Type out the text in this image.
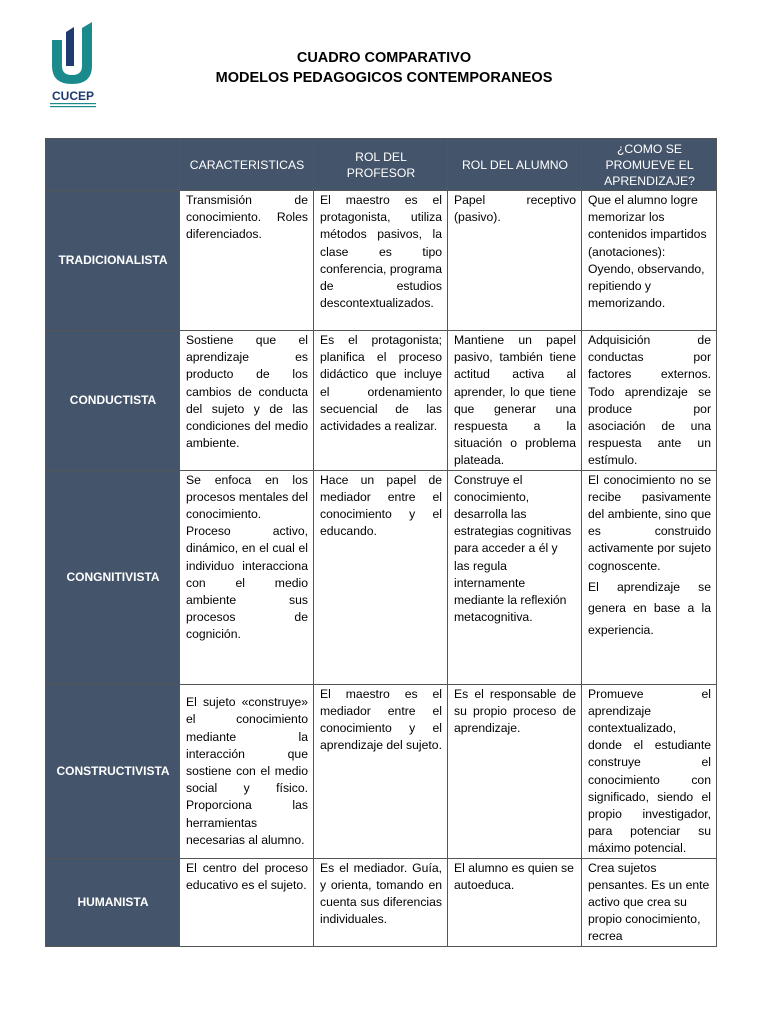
CUCEP
CUADRO COMPARATIVO
MODELOS PEDAGOGICOS CONTEMPORANEOS
	CARACTERISTICAS	ROL DEL PROFESOR	ROL DEL ALUMNO	¿COMO SE PROMUEVE EL APRENDIZAJE?
TRADICIONALISTA	Transmisión de conocimiento. Roles diferenciados.	El maestro es el protagonista, utiliza métodos pasivos, la clase es tipo conferencia, programa de estudios descontextualizados.	Papel receptivo (pasivo).	Que el alumno logre memorizar los contenidos impartidos (anotaciones): Oyendo, observando, repitiendo y memorizando.
CONDUCTISTA	Sostiene que el aprendizaje es producto de los cambios de conducta del sujeto y de las condiciones del medio ambiente.	Es el protagonista; planifica el proceso didáctico que incluye el ordenamiento secuencial de las actividades a realizar.	Mantiene un papel pasivo, también tiene actitud activa al aprender, lo que tiene que generar una respuesta a la situación o problema plateada.	Adquisición de conductas por factores externos. Todo aprendizaje se produce por asociación de una respuesta ante un estímulo.
CONGNITIVISTA	Se enfoca en los procesos mentales del conocimiento. Proceso activo, dinámico, en el cual el individuo interacciona con el medio ambiente sus procesos de cognición.	Hace un papel de mediador entre el conocimiento y el educando.	Construye el conocimiento, desarrolla las estrategias cognitivas para acceder a él y las regula internamente mediante la reflexión metacognitiva.	El conocimiento no se recibe pasivamente del ambiente, sino que es construido activamente por sujeto cognoscente.
El aprendizaje se genera en base a la experiencia.

CONSTRUCTIVISTA	El sujeto «construye» el conocimiento mediante la interacción que sostiene con el medio social y físico. Proporciona las herramientas necesarias al alumno.	El maestro es el mediador entre el conocimiento y el aprendizaje del sujeto.	Es el responsable de su propio proceso de aprendizaje.	Promueve el aprendizaje contextualizado, donde el estudiante construye el conocimiento con significado, siendo el propio investigador, para potenciar su máximo potencial.
HUMANISTA	El centro del proceso educativo es el sujeto.	Es el mediador. Guía, y orienta, tomando en cuenta sus diferencias individuales.	El alumno es quien se autoeduca.	Crea sujetos pensantes. Es un ente activo que crea su propio conocimiento, recrea
